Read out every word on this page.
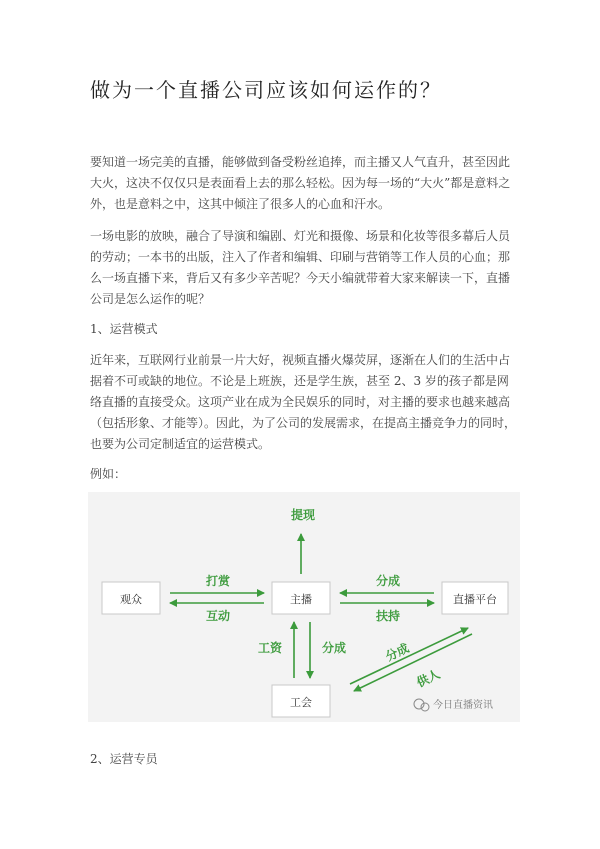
做为一个直播公司应该如何运作的？

要知道一场完美的直播，能够做到备受粉丝追捧，而主播又人气直升，甚至因此
大火，这决不仅仅只是表面看上去的那么轻松。因为每一场的“大火”都是意料之
外，也是意料之中，这其中倾注了很多人的心血和汗水。

一场电影的放映，融合了导演和编剧、灯光和摄像、场景和化妆等很多幕后人员
的劳动；一本书的出版，注入了作者和编辑、印刷与营销等工作人员的心血；那
么一场直播下来，背后又有多少辛苦呢？今天小编就带着大家来解读一下，直播
公司是怎么运作的呢？

1、运营模式

近年来，互联网行业前景一片大好，视频直播火爆荧屏，逐渐在人们的生活中占
据着不可或缺的地位。不论是上班族，还是学生族，甚至 2、3 岁的孩子都是网
络直播的直接受众。这项产业在成为全民娱乐的同时，对主播的要求也越来越高
（包括形象、才能等）。因此，为了公司的发展需求，在提高主播竞争力的同时，
也要为公司定制适宜的运营模式。

例如：

观众	主播	直播平台
工会
提现
打赏
互动
分成
扶持
工资	分成	分成
供人
今日直播资讯

2、运营专员
